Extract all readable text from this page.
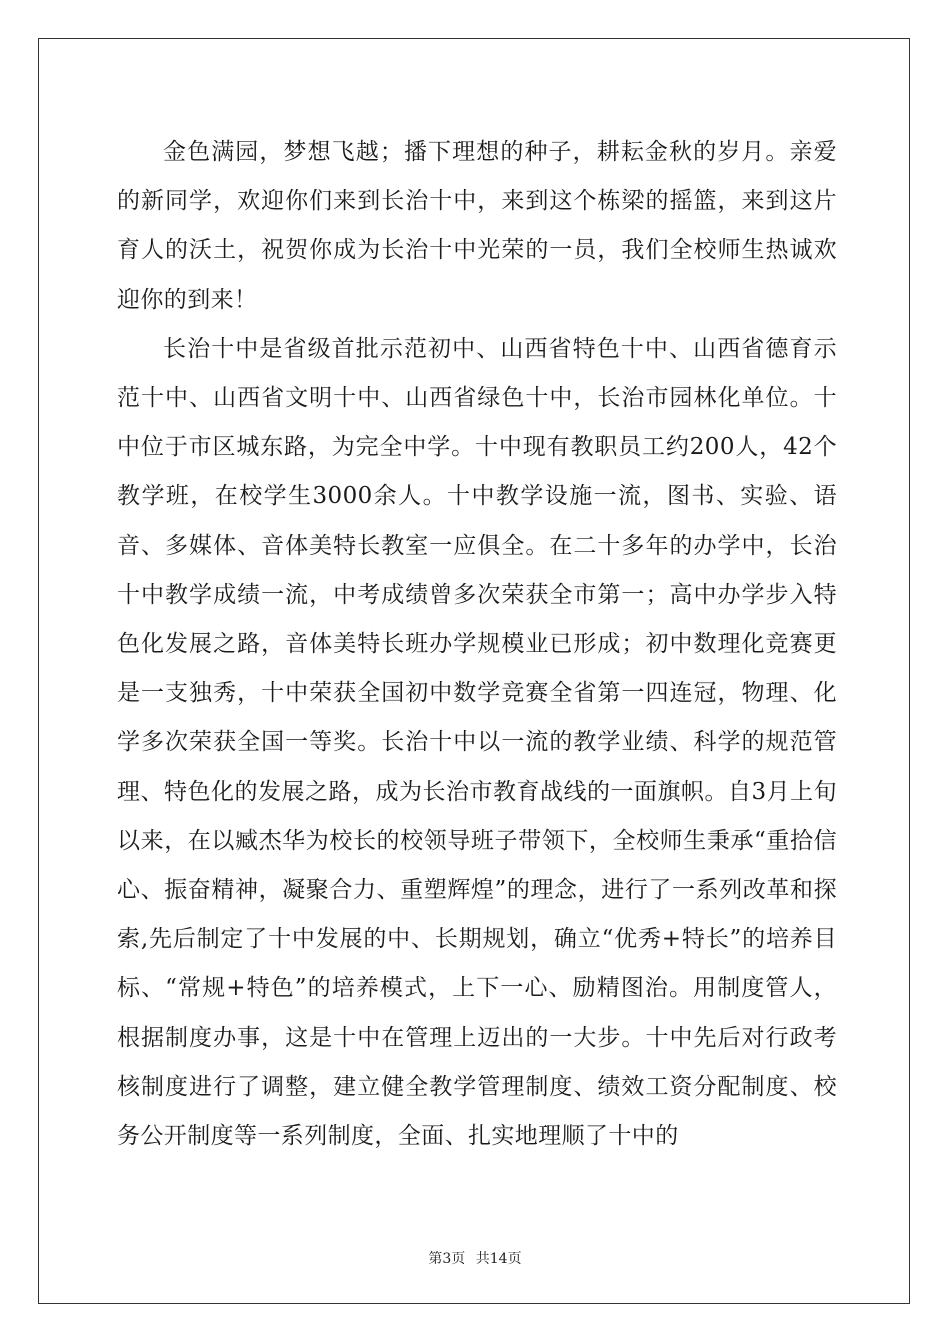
金色满园，梦想飞越；播下理想的种子，耕耘金秋的岁月。亲爱的新同学，欢迎你们来到长治十中，来到这个栋梁的摇篮，来到这片育人的沃土，祝贺你成为长治十中光荣的一员，我们全校师生热诚欢迎你的到来！

长治十中是省级首批示范初中、山西省特色十中、山西省德育示范十中、山西省文明十中、山西省绿色十中，长治市园林化单位。十中位于市区城东路，为完全中学。十中现有教职员工约200人，42个教学班，在校学生3000余人。十中教学设施一流，图书、实验、语音、多媒体、音体美特长教室一应俱全。在二十多年的办学中，长治十中教学成绩一流，中考成绩曾多次荣获全市第一；高中办学步入特色化发展之路，音体美特长班办学规模业已形成；初中数理化竞赛更是一支独秀，十中荣获全国初中数学竞赛全省第一四连冠，物理、化学多次荣获全国一等奖。长治十中以一流的教学业绩、科学的规范管理、特色化的发展之路，成为长治市教育战线的一面旗帜。自3月上旬以来，在以臧杰华为校长的校领导班子带领下，全校师生秉承“重拾信心、振奋精神，凝聚合力、重塑辉煌”的理念，进行了一系列改革和探索,先后制定了十中发展的中、长期规划，确立“优秀+特长”的培养目标、“常规+特色”的培养模式，上下一心、励精图治。用制度管人，根据制度办事，这是十中在管理上迈出的一大步。十中先后对行政考核制度进行了调整，建立健全教学管理制度、绩效工资分配制度、校务公开制度等一系列制度，全面、扎实地理顺了十中的

第3页 共14页
